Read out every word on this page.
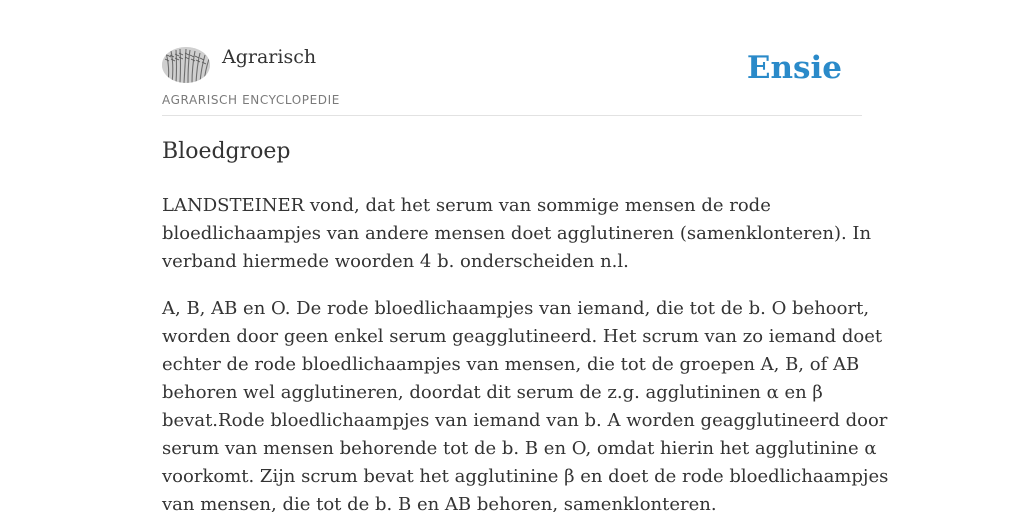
Agrarisch
AGRARISCH ENCYCLOPEDIE
Ensie
Bloedgroep

LANDSTEINER vond, dat het serum van sommige mensen de rode
bloedlichaampjes van andere mensen doet agglutineren (samenklonteren). In
verband hiermede woorden 4 b. onderscheiden n.l.

A, B, AB en O. De rode bloedlichaampjes van iemand, die tot de b. O behoort,
worden door geen enkel serum geagglutineerd. Het scrum van zo iemand doet
echter de rode bloedlichaampjes van mensen, die tot de groepen A, B, of AB
behoren wel agglutineren, doordat dit serum de z.g. agglutininen α en β
bevat.Rode bloedlichaampjes van iemand van b. A worden geagglutineerd door
serum van mensen behorende tot de b. B en O, omdat hierin het agglutinine α
voorkomt. Zijn scrum bevat het agglutinine β en doet de rode bloedlichaampjes
van mensen, die tot de b. B en AB behoren, samenklonteren.
